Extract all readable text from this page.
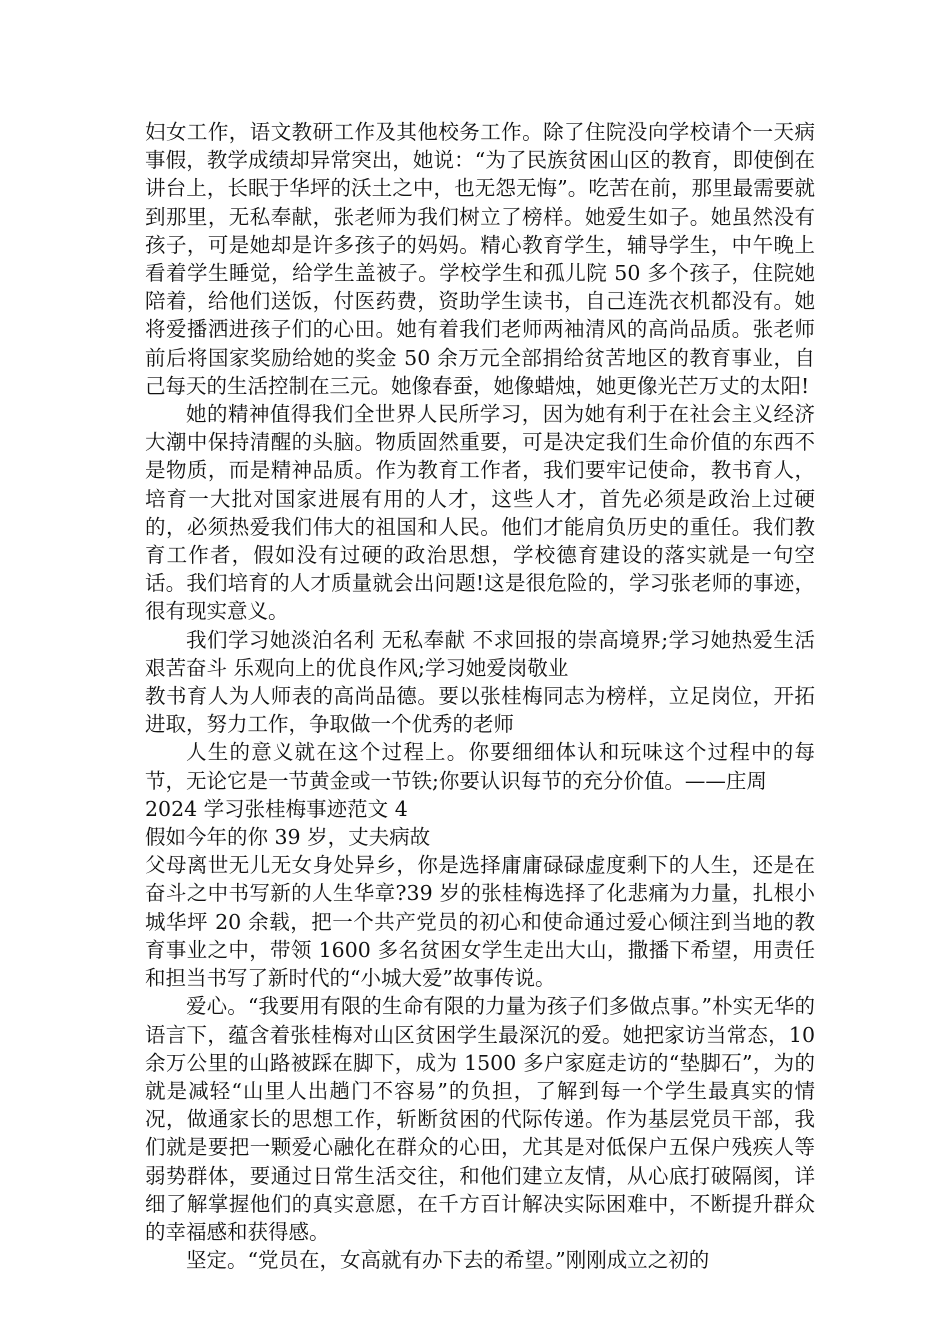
妇女工作，语文教研工作及其他校务工作。除了住院没向学校请个一天病事假，教学成绩却异常突出，她说：“为了民族贫困山区的教育，即使倒在讲台上，长眠于华坪的沃土之中，也无怨无悔”。吃苦在前，那里最需要就到那里，无私奉献，张老师为我们树立了榜样。她爱生如子。她虽然没有孩子，可是她却是许多孩子的妈妈。精心教育学生，辅导学生，中午晚上看着学生睡觉，给学生盖被子。学校学生和孤儿院 50 多个孩子，住院她陪着，给他们送饭，付医药费，资助学生读书，自己连洗衣机都没有。她将爱播洒进孩子们的心田。她有着我们老师两袖清风的高尚品质。张老师前后将国家奖励给她的奖金 50 余万元全部捐给贫苦地区的教育事业，自己每天的生活控制在三元。她像春蚕，她像蜡烛，她更像光芒万丈的太阳!

她的精神值得我们全世界人民所学习，因为她有利于在社会主义经济大潮中保持清醒的头脑。物质固然重要，可是决定我们生命价值的东西不是物质，而是精神品质。作为教育工作者，我们要牢记使命，教书育人，培育一大批对国家进展有用的人才，这些人才，首先必须是政治上过硬的，必须热爱我们伟大的祖国和人民。他们才能肩负历史的重任。我们教育工作者，假如没有过硬的政治思想，学校德育建设的落实就是一句空话。我们培育的人才质量就会出问题!这是很危险的，学习张老师的事迹，很有现实意义。

我们学习她淡泊名利 无私奉献 不求回报的崇高境界;学习她热爱生活 艰苦奋斗 乐观向上的优良作风;学习她爱岗敬业

教书育人为人师表的高尚品德。要以张桂梅同志为榜样，立足岗位，开拓进取，努力工作，争取做一个优秀的老师

人生的意义就在这个过程上。你要细细体认和玩味这个过程中的每节，无论它是一节黄金或一节铁;你要认识每节的充分价值。——庄周

2024 学习张桂梅事迹范文 4

假如今年的你 39 岁，丈夫病故

父母离世无儿无女身处异乡，你是选择庸庸碌碌虚度剩下的人生，还是在奋斗之中书写新的人生华章?39 岁的张桂梅选择了化悲痛为力量，扎根小城华坪 20 余载，把一个共产党员的初心和使命通过爱心倾注到当地的教育事业之中，带领 1600 多名贫困女学生走出大山，撒播下希望，用责任和担当书写了新时代的“小城大爱”故事传说。

爱心。“我要用有限的生命有限的力量为孩子们多做点事。”朴实无华的语言下，蕴含着张桂梅对山区贫困学生最深沉的爱。她把家访当常态，10 余万公里的山路被踩在脚下，成为 1500 多户家庭走访的“垫脚石”，为的就是减轻“山里人出趟门不容易”的负担，了解到每一个学生最真实的情况，做通家长的思想工作，斩断贫困的代际传递。作为基层党员干部，我们就是要把一颗爱心融化在群众的心田，尤其是对低保户五保户残疾人等弱势群体，要通过日常生活交往，和他们建立友情，从心底打破隔阂，详细了解掌握他们的真实意愿，在千方百计解决实际困难中，不断提升群众的幸福感和获得感。

坚定。“党员在，女高就有办下去的希望。”刚刚成立之初的
